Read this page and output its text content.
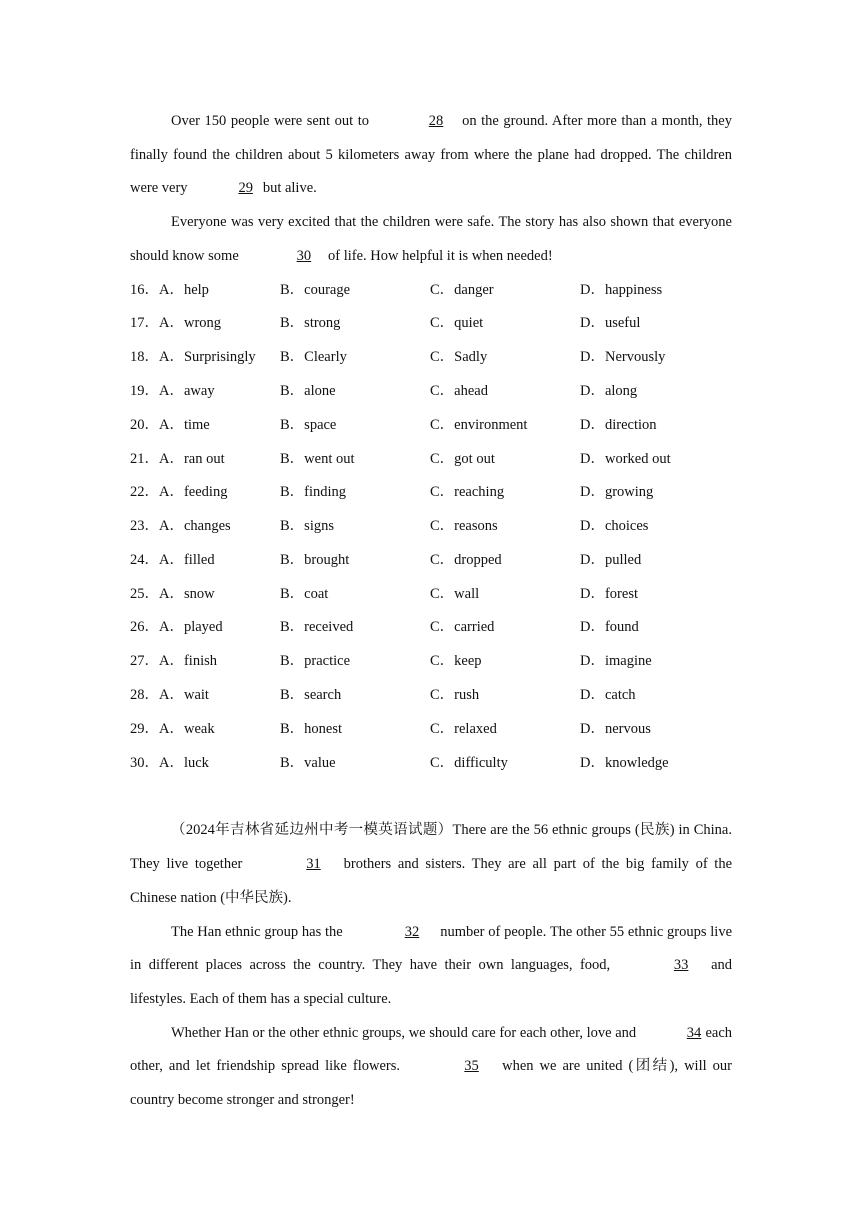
Over 150 people were sent out to	28 on the ground. After more than a month, they finally found the children about 5 kilometers away from where the plane had dropped. The children were very	29 but alive.

Everyone was very excited that the children were safe. The story has also shown that everyone should know some	30 of life. How helpful it is when needed!

16．A．help	B．courage	C．danger	D．happiness
17．A．wrong	B．strong	C．quiet	D．useful
18．A．Surprisingly	B．Clearly	C．Sadly	D．Nervously
19．A．away	B．alone	C．ahead	D．along
20．A．time	B．space	C．environment	D．direction
21．A．ran out	B．went out	C．got out	D．worked out
22．A．feeding	B．finding	C．reaching	D．growing
23．A．changes	B．signs	C．reasons	D．choices
24．A．filled	B．brought	C．dropped	D．pulled
25．A．snow	B．coat	C．wall	D．forest
26．A．played	B．received	C．carried	D．found
27．A．finish	B．practice	C．keep	D．imagine
28．A．wait	B．search	C．rush	D．catch
29．A．weak	B．honest	C．relaxed	D．nervous
30．A．luck	B．value	C．difficulty	D．knowledge

（2024年吉林省延边州中考一模英语试题）There are the 56 ethnic groups (民族) in China. They live together	31 brothers and sisters. They are all part of the big family of the Chinese nation (中华民族).

The Han ethnic group has the	32 number of people. The other 55 ethnic groups live in different places across the country. They have their own languages, food,	33 and lifestyles. Each of them has a special culture.

Whether Han or the other ethnic groups, we should care for each other, love and	34 each other, and let friendship spread like flowers.	35 when we are united (团结), will our country become stronger and stronger!
